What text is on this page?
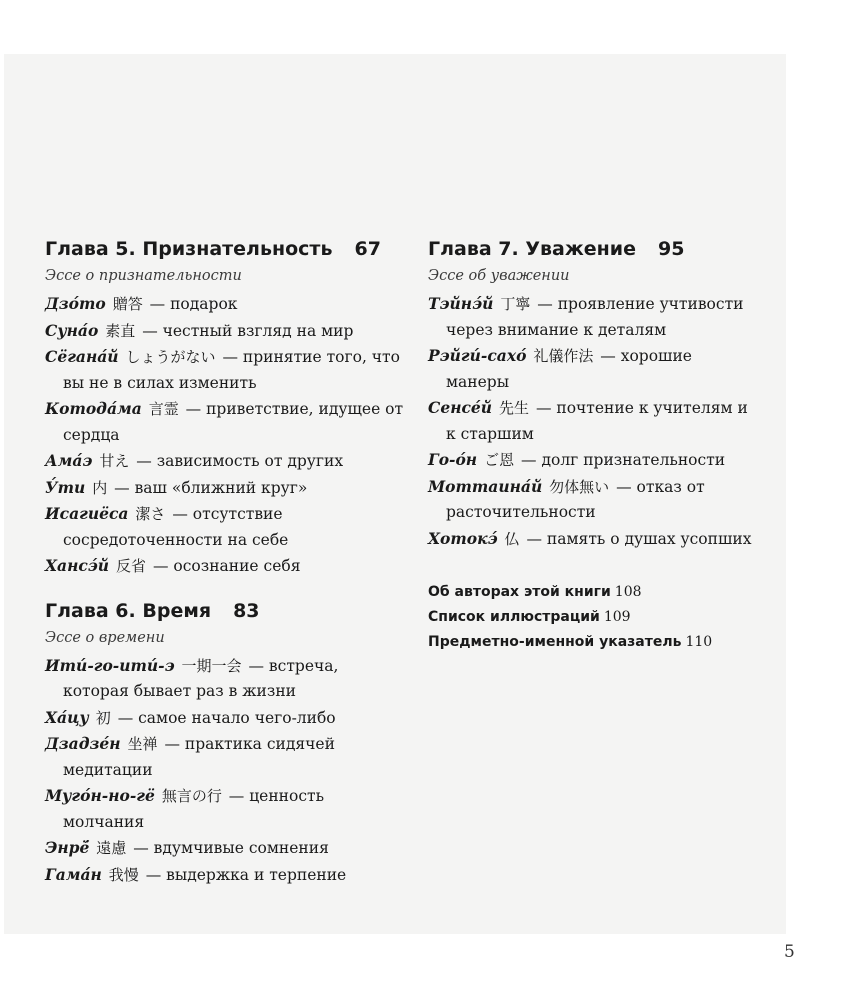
Глава 5. Признательность 67
Эссе о признательности

Дзо́то 贈答 — подарок

Суна́о 素直 — честный взгляд на мир

Сёгана́й しょうがない — принятие того, что вы не в силах изменить

Котода́ма 言霊 — приветствие, идущее от сердца

Ама́э 甘え — зависимость от других

У́ти 内 — ваш «ближний круг»

Исагиёса 潔さ — отсутствие сосредоточенности на себе

Хансэ́й 反省 — осознание себя

Глава 6. Время 83
Эссе о времени

Ити́-го-ити́-э 一期一会 — встреча, которая бывает раз в жизни

Ха́цу 初 — самое начало чего-либо

Дзадзе́н 坐禅 — практика сидячей медитации

Муго́н-но-гё 無言の行 — ценность молчания

Энрё́ 遠慮 — вдумчивые сомнения

Гама́н 我慢 — выдержка и терпение

Глава 7. Уважение 95
Эссе об уважении

Тэйнэ́й 丁寧 — проявление учтивости через внимание к деталям

Рэйгú-сахо́ 礼儀作法 — хорошие манеры

Сенсе́й 先生 — почтение к учителям и к старшим

Го-о́н ご恩 — долг признательности

Моттаина́й 勿体無い — отказ от расточительности

Хотокэ́ 仏 — память о душах усопших

Об авторах этой книги 108

Список иллюстраций 109

Предметно-именной указатель 110

5
